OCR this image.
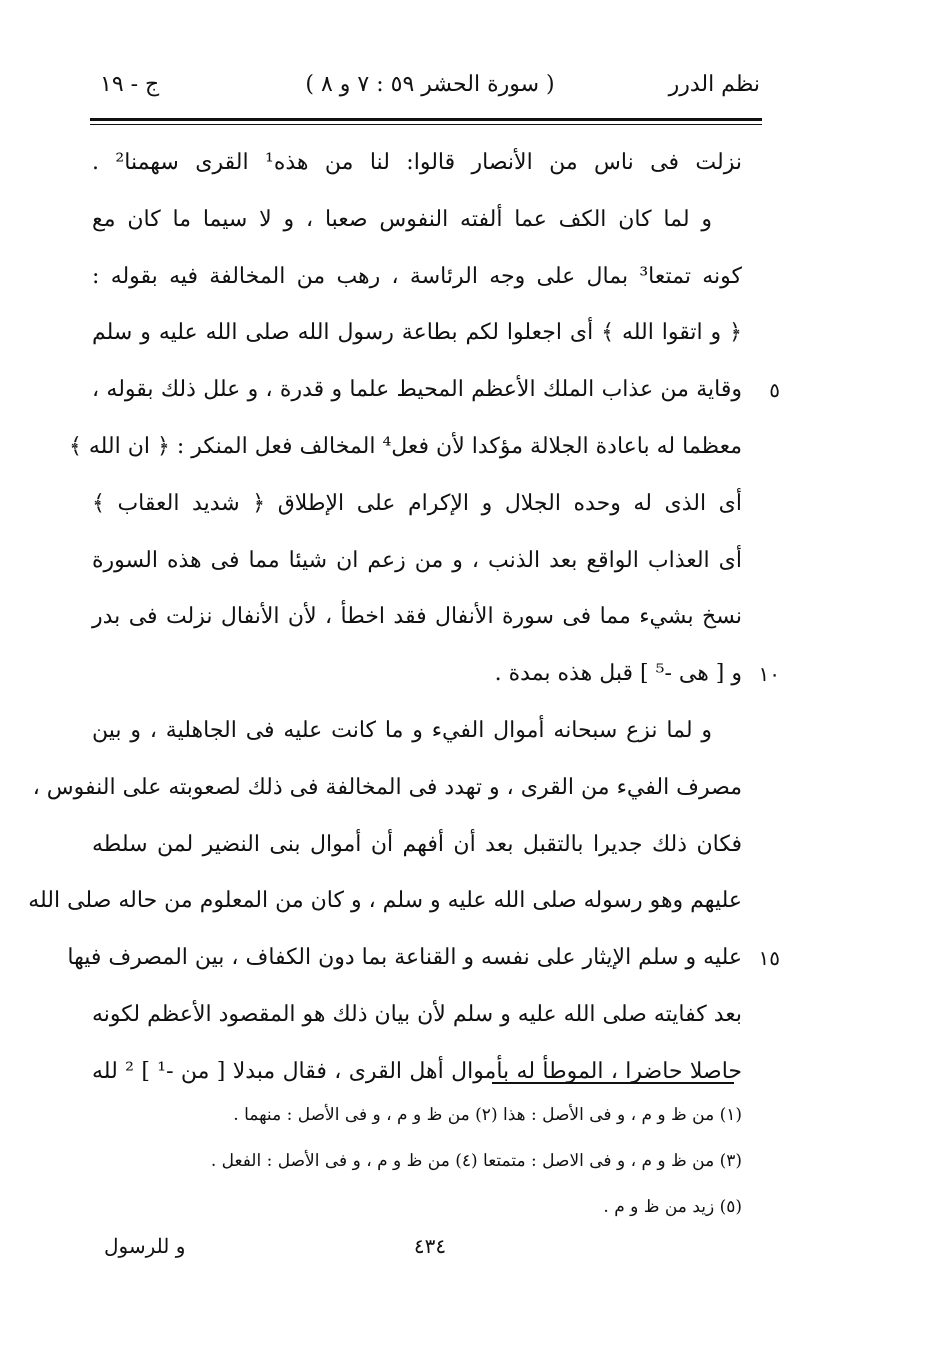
نظم الدرر
( سورة الحشر ٥٩ : ٧ و ٨ )
ج - ١٩
نزلت فى ناس من الأنصار قالوا: لنا من هذه¹ القرى سهمنا² .
و لما كان الكف عما ألفته النفوس صعبا ، و لا سيما ما كان مع
كونه تمتعا³ بمال على وجه الرئاسة ، رهب من المخالفة فيه بقوله :
﴿ و اتقوا الله ﴾ أى اجعلوا لكم بطاعة رسول الله صلى الله عليه و سلم
٥
وقاية من عذاب الملك الأعظم المحيط علما و قدرة ، و علل ذلك بقوله ،
معظما له باعادة الجلالة مؤكدا لأن فعل⁴ المخالف فعل المنكر : ﴿ ان الله ﴾
أى الذى له وحده الجلال و الإكرام على الإطلاق ﴿ شديد العقاب ﴾
أى العذاب الواقع بعد الذنب ، و من زعم ان شيئا مما فى هذه السورة
نسخ بشيء مما فى سورة الأنفال فقد اخطأ ، لأن الأنفال نزلت فى بدر
١٠
و [ هى -⁵ ] قبل هذه بمدة .
و لما نزع سبحانه أموال الفيء و ما كانت عليه فى الجاهلية ، و بين
مصرف الفيء من القرى ، و تهدد فى المخالفة فى ذلك لصعوبته على النفوس ،
فكان ذلك جديرا بالتقبل بعد أن أفهم أن أموال بنى النضير لمن سلطه
عليهم وهو رسوله صلى الله عليه و سلم ، و كان من المعلوم من حاله صلى الله
١٥
عليه و سلم الإيثار على نفسه و القناعة بما دون الكفاف ، بين المصرف فيها
بعد كفايته صلى الله عليه و سلم لأن بيان ذلك هو المقصود الأعظم لكونه
حاصلا حاضرا ، الموطأ له بأموال أهل القرى ، فقال مبدلا [ من -¹ ] ² لله
(١) من ظ و م ، و فى الأصل : هذا (٢) من ظ و م ، و فى الأصل : منهما .
(٣) من ظ و م ، و فى الاصل : متمتعا (٤) من ظ و م ، و فى الأصل : الفعل .
(٥) زيد من ظ و م .
٤٣٤
و للرسول
